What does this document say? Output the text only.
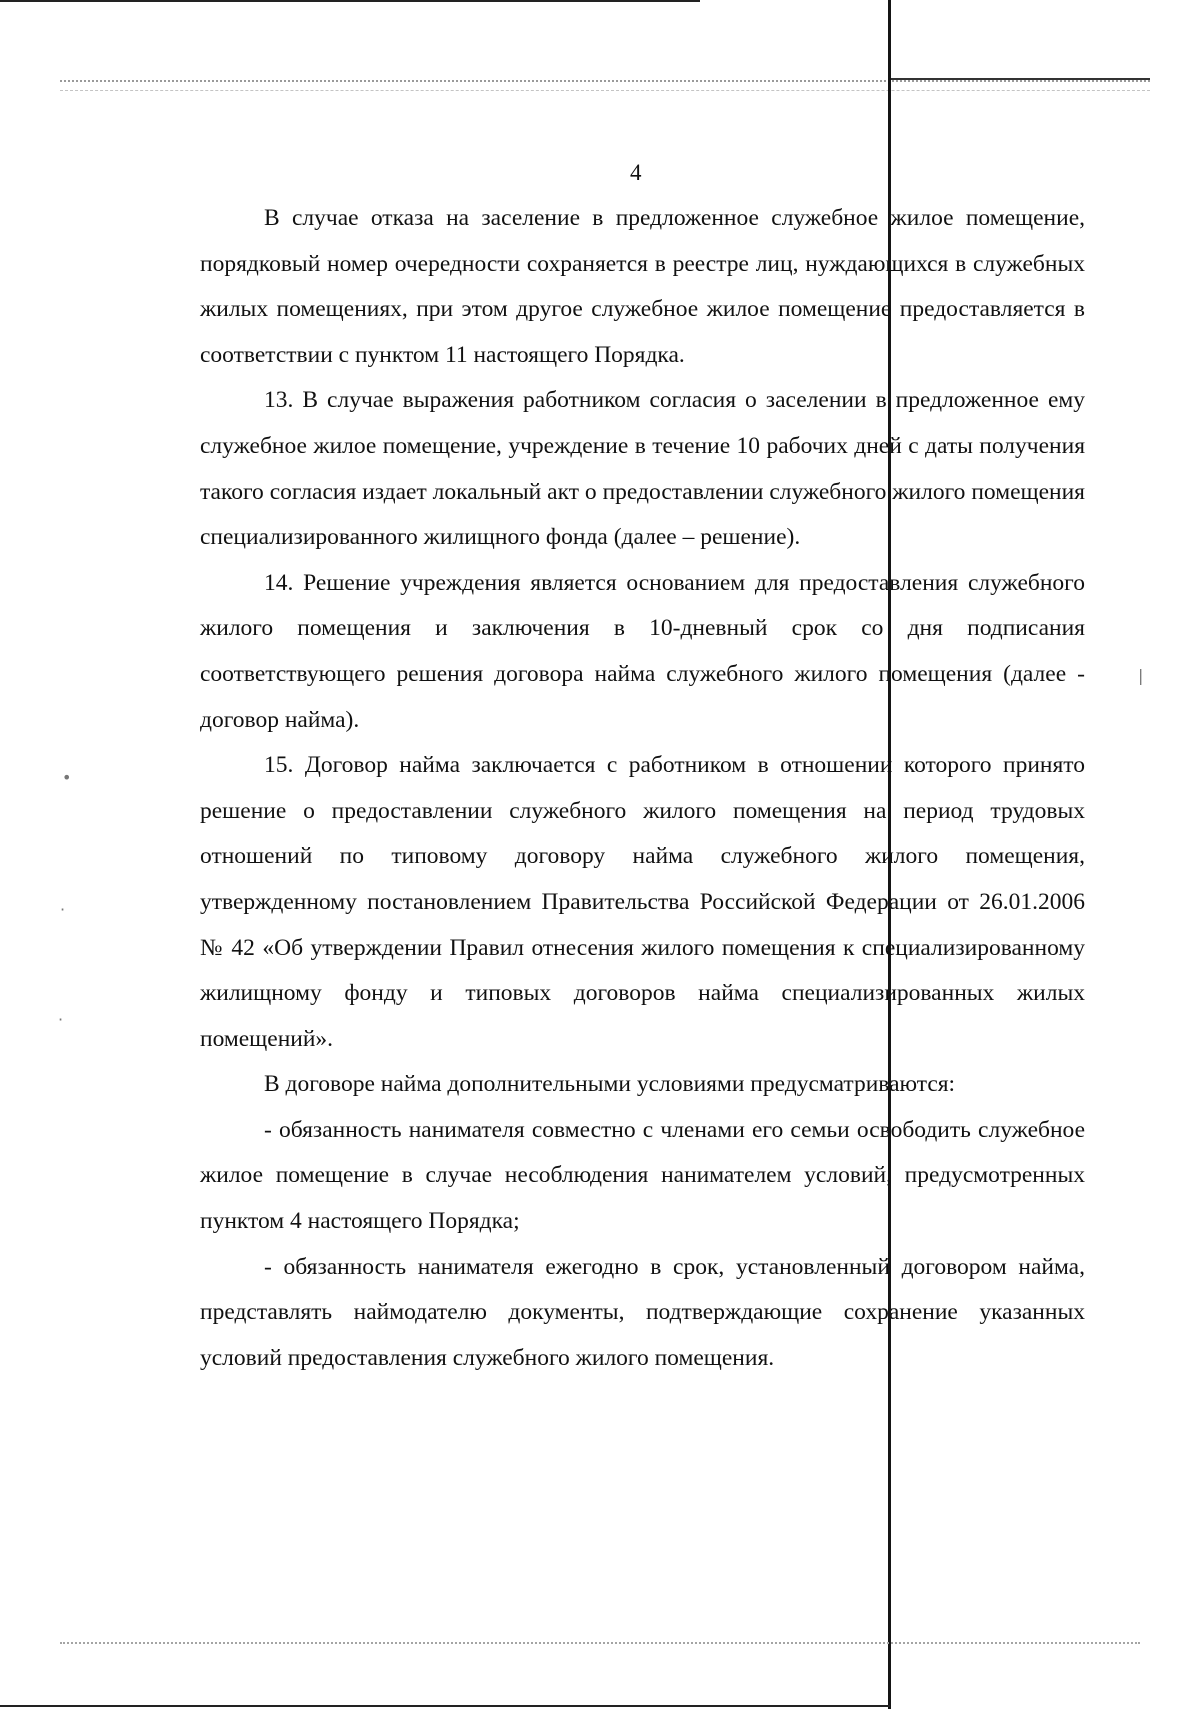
•
·
·
|
4

В случае отказа на заселение в предложенное служебное жилое помещение, порядковый номер очередности сохраняется в реестре лиц, нуждающихся в служебных жилых помещениях, при этом другое служебное жилое помещение предоставляется в соответствии с пунктом 11 настоящего Порядка.

13. В случае выражения работником согласия о заселении в предложенное ему служебное жилое помещение, учреждение в течение 10 рабочих дней с даты получения такого согласия издает локальный акт о предоставлении служебного жилого помещения специализированного жилищного фонда (далее – решение).

14. Решение учреждения является основанием для предоставления служебного жилого помещения и заключения в 10-дневный срок со дня подписания соответствующего решения договора найма служебного жилого помещения (далее - договор найма).

15. Договор найма заключается с работником в отношении которого принято решение о предоставлении служебного жилого помещения на период трудовых отношений по типовому договору найма служебного жилого помещения, утвержденному постановлением Правительства Российской Федерации от 26.01.2006 № 42 «Об утверждении Правил отнесения жилого помещения к специализированному жилищному фонду и типовых договоров найма специализированных жилых помещений».

В договоре найма дополнительными условиями предусматриваются:

- обязанность нанимателя совместно с членами его семьи освободить служебное жилое помещение в случае несоблюдения нанимателем условий, предусмотренных пунктом 4 настоящего Порядка;

- обязанность нанимателя ежегодно в срок, установленный договором найма, представлять наймодателю документы, подтверждающие сохранение указанных условий предоставления служебного жилого помещения.
